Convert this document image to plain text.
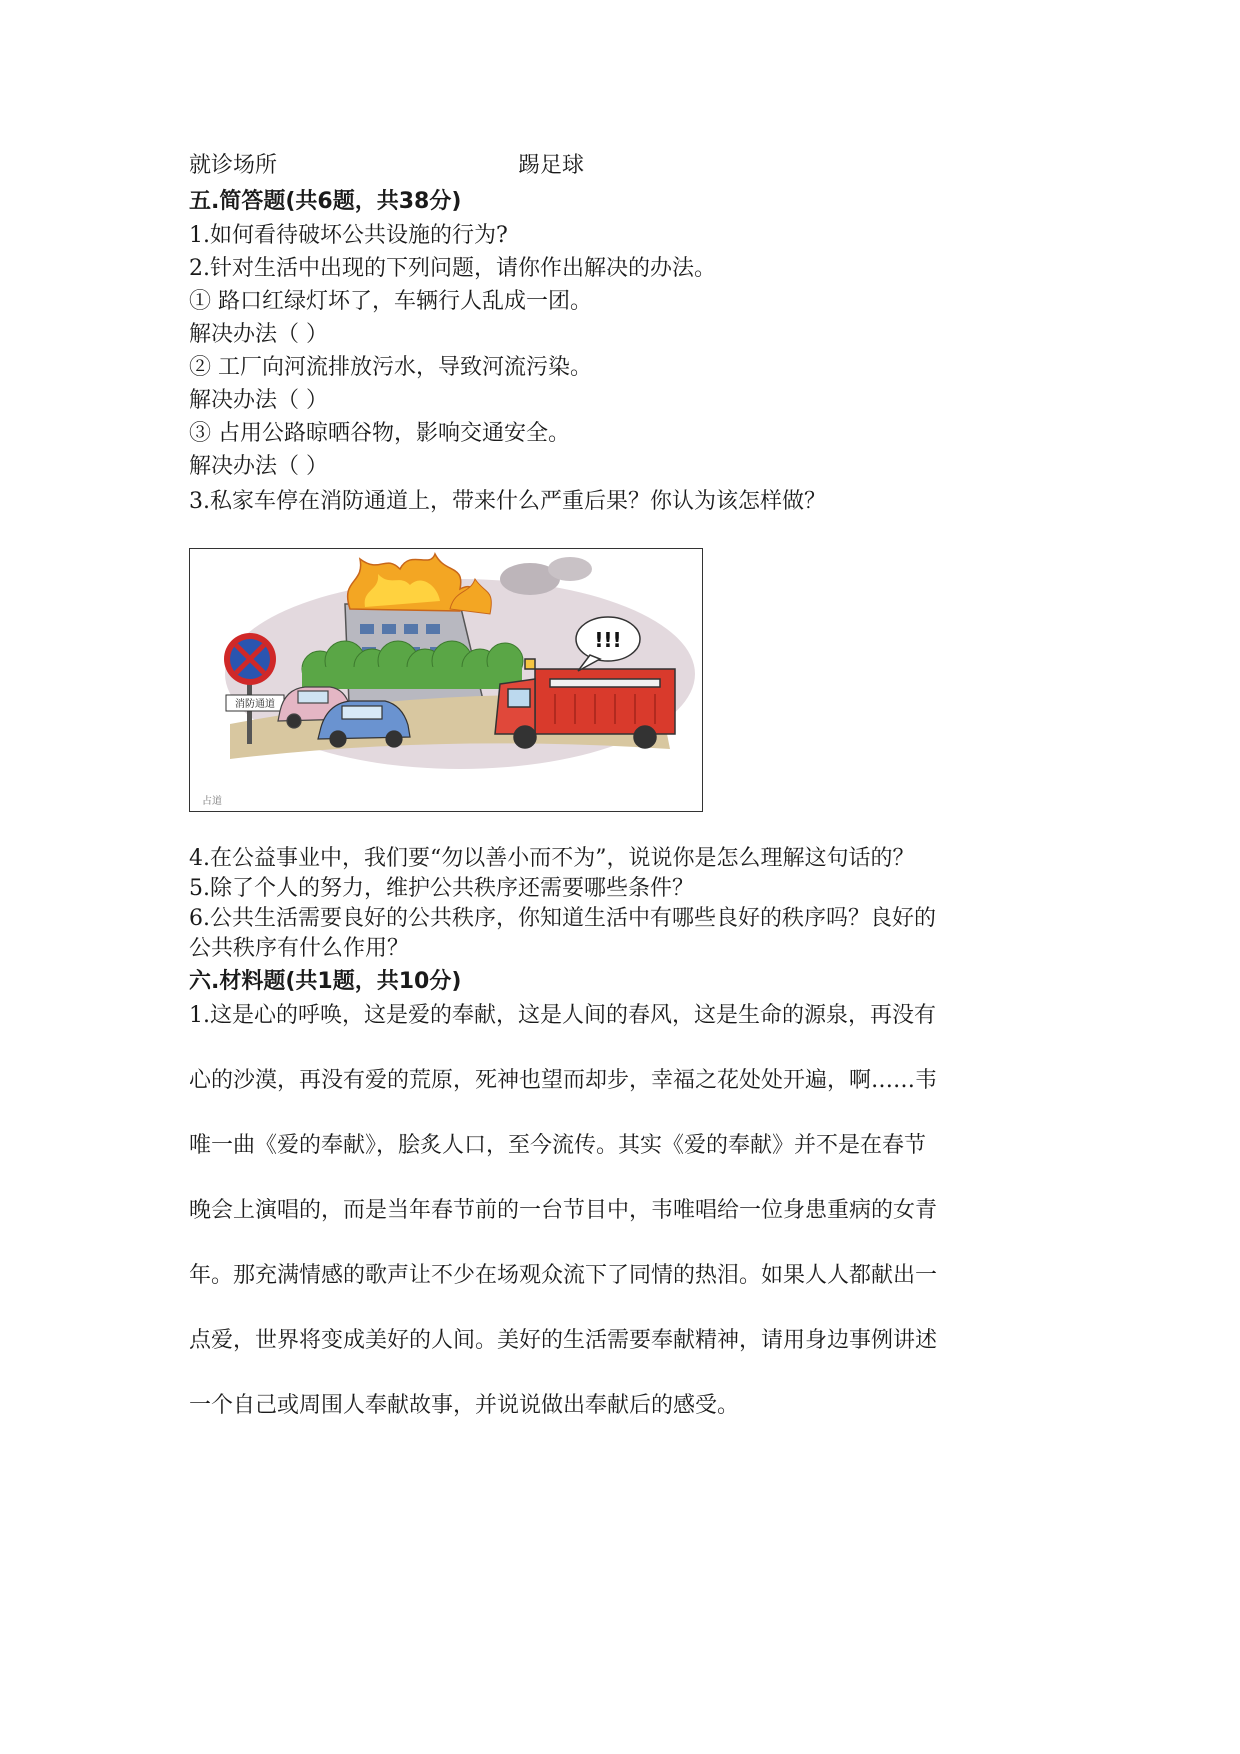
就诊场所	踢足球
五.简答题(共6题，共38分)
1.如何看待破坏公共设施的行为?
2.针对生活中出现的下列问题，请你作出解决的办法。
① 路口红绿灯坏了，车辆行人乱成一团。
解决办法（ ）
② 工厂向河流排放污水，导致河流污染。
解决办法（ ）
③ 占用公路晾晒谷物，影响交通安全。
解决办法（ ）
3.私家车停在消防通道上，带来什么严重后果？你认为该怎样做？
消防通道
!!!
占道
4.在公益事业中，我们要“勿以善小而不为”，说说你是怎么理解这句话的？
5.除了个人的努力，维护公共秩序还需要哪些条件？
6.公共生活需要良好的公共秩序，你知道生活中有哪些良好的秩序吗？良好的
公共秩序有什么作用？
六.材料题(共1题，共10分)
1.这是心的呼唤，这是爱的奉献，这是人间的春风，这是生命的源泉，再没有
心的沙漠，再没有爱的荒原，死神也望而却步，幸福之花处处开遍，啊……韦
唯一曲《爱的奉献》，脍炙人口，至今流传。其实《爱的奉献》并不是在春节
晚会上演唱的，而是当年春节前的一台节目中，韦唯唱给一位身患重病的女青
年。那充满情感的歌声让不少在场观众流下了同情的热泪。如果人人都献出一
点爱，世界将变成美好的人间。美好的生活需要奉献精神，请用身边事例讲述
一个自己或周围人奉献故事，并说说做出奉献后的感受。
